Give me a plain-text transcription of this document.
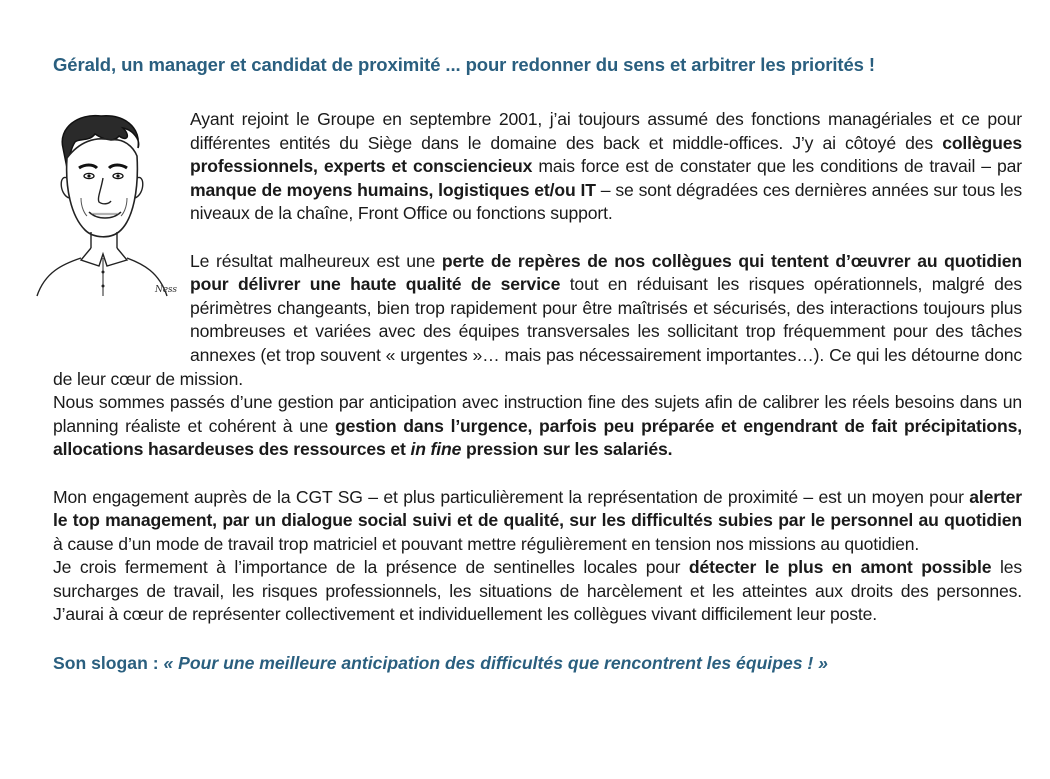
Gérald, un manager et candidat de proximité ... pour redonner du sens et arbitrer les priorités !
Ness

Ayant rejoint le Groupe en septembre 2001, j’ai toujours assumé des fonctions managériales et ce pour différentes entités du Siège dans le domaine des back et middle-offices. J’y ai côtoyé des collègues professionnels, experts et consciencieux mais force est de constater que les conditions de travail – par manque de moyens humains, logistiques et/ou IT – se sont dégradées ces dernières années sur tous les niveaux de la chaîne, Front Office ou fonctions support.

Le résultat malheureux est une perte de repères de nos collègues qui tentent d’œuvrer au quotidien pour délivrer une haute qualité de service tout en réduisant les risques opérationnels, malgré des périmètres changeants, bien trop rapidement pour être maîtrisés et sécurisés, des interactions toujours plus nombreuses et variées avec des équipes transversales les sollicitant trop fréquemment pour des tâches annexes (et trop souvent « urgentes »… mais pas nécessairement importantes…). Ce qui les détourne donc de leur cœur de mission.

Nous sommes passés d’une gestion par anticipation avec instruction fine des sujets afin de calibrer les réels besoins dans un planning réaliste et cohérent à une gestion dans l’urgence, parfois peu préparée et engendrant de fait précipitations, allocations hasardeuses des ressources et in fine pression sur les salariés.

Mon engagement auprès de la CGT SG – et plus particulièrement la représentation de proximité – est un moyen pour alerter le top management, par un dialogue social suivi et de qualité, sur les difficultés subies par le personnel au quotidien à cause d’un mode de travail trop matriciel et pouvant mettre régulièrement en tension nos missions au quotidien.

Je crois fermement à l’importance de la présence de sentinelles locales pour détecter le plus en amont possible les surcharges de travail, les risques professionnels, les situations de harcèlement et les atteintes aux droits des personnes. J’aurai à cœur de représenter collectivement et individuellement les collègues vivant difficilement leur poste.

Son slogan : « Pour une meilleure anticipation des difficultés que rencontrent les équipes ! »
